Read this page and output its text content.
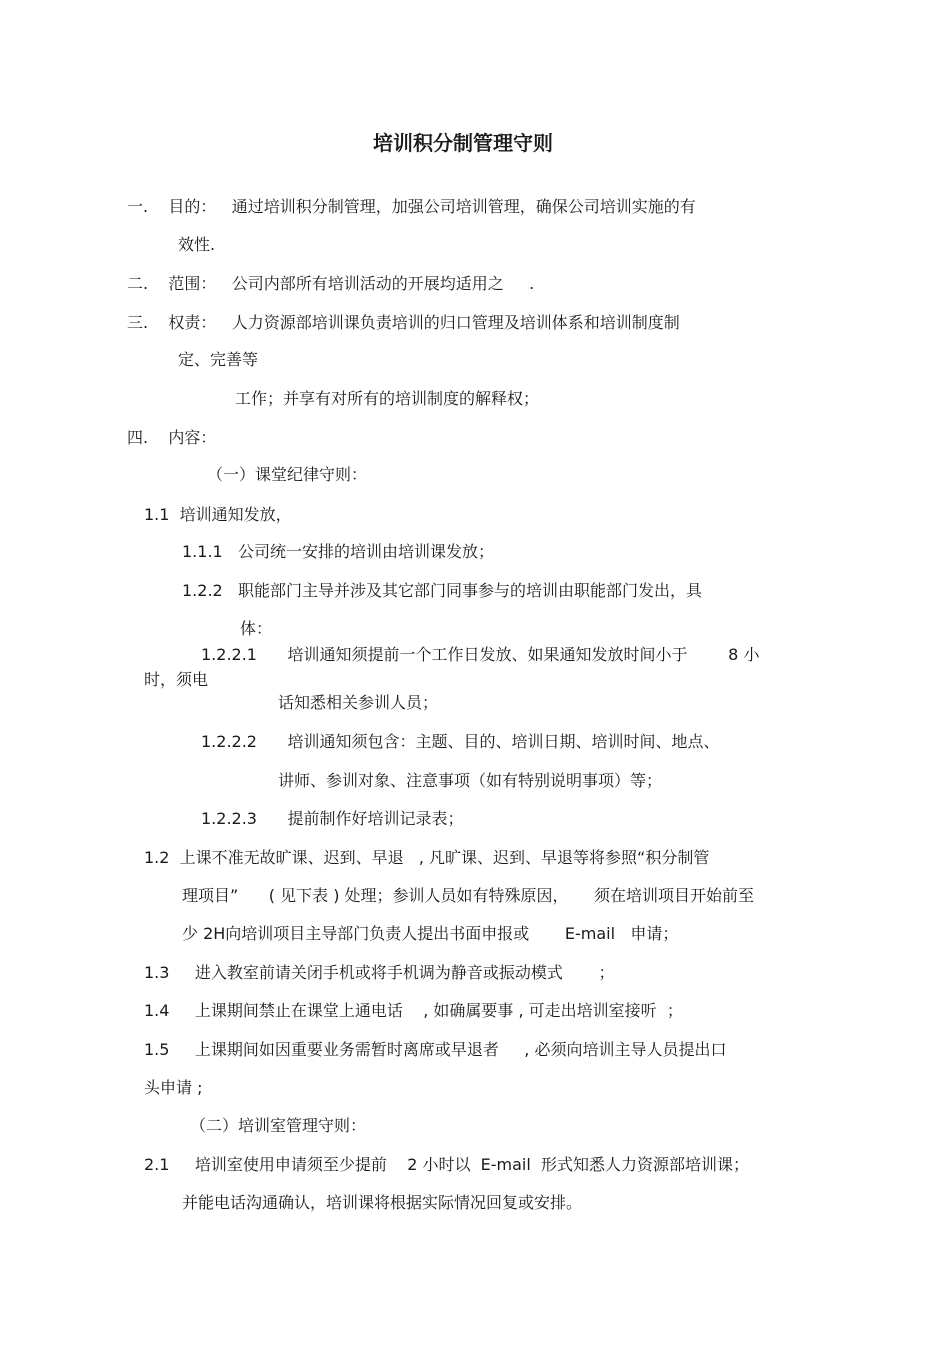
培训积分制管理守则

一.    目的：   通过培训积分制管理，加强公司培训管理，确保公司培训实施的有

效性.

二.    范围：   公司内部所有培训活动的开展均适用之     .

三.    权责：   人力资源部培训课负责培训的归口管理及培训体系和培训制度制

定、完善等

工作；并享有对所有的培训制度的解释权；

四.    内容：

（一）课堂纪律守则：

1.1  培训通知发放，

1.1.1   公司统一安排的培训由培训课发放；

1.2.2   职能部门主导并涉及其它部门同事参与的培训由职能部门发出，具

体：

1.2.2.1      培训通知须提前一个工作日发放、如果通知发放时间小于        8 小

时，须电

话知悉相关参训人员；

1.2.2.2      培训通知须包含：主题、目的、培训日期、培训时间、地点、

讲师、参训对象、注意事项（如有特别说明事项）等；

1.2.2.3      提前制作好培训记录表；

1.2  上课不准无故旷课、迟到、早退   , 凡旷课、迟到、早退等将参照“积分制管

理项目”      ( 见下表 ) 处理；参训人员如有特殊原因，     须在培训项目开始前至

少 2H向培训项目主导部门负责人提出书面申报或       E-mail   申请；

1.3     进入教室前请关闭手机或将手机调为静音或振动模式       ；

1.4     上课期间禁止在课堂上通电话    , 如确属要事 , 可走出培训室接听  ；

1.5     上课期间如因重要业务需暂时离席或早退者     , 必须向培训主导人员提出口

头申请 ;

（二）培训室管理守则：

2.1     培训室使用申请须至少提前    2 小时以  E-mail  形式知悉人力资源部培训课；

并能电话沟通确认，培训课将根据实际情况回复或安排。
